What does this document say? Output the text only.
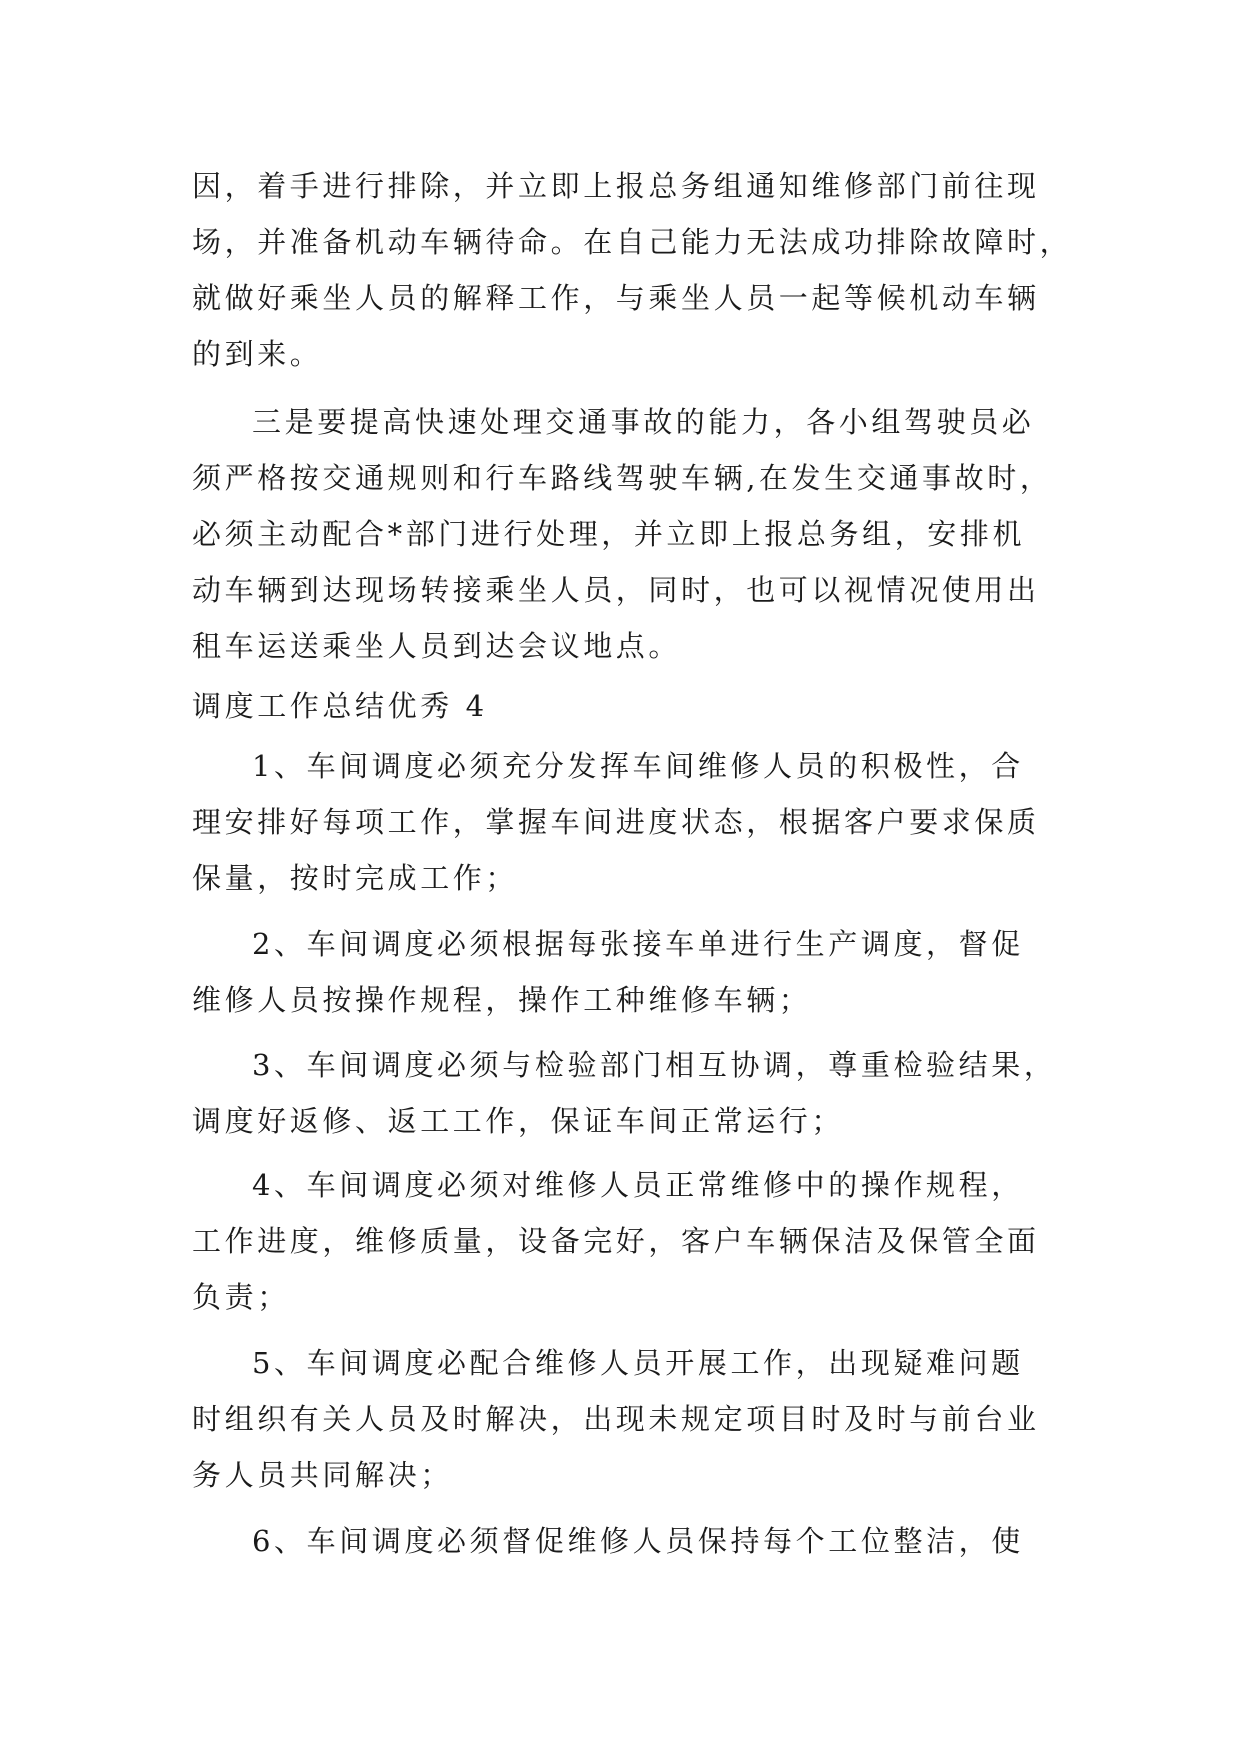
因，着手进行排除，并立即上报总务组通知维修部门前往现

场，并准备机动车辆待命。在自己能力无法成功排除故障时，

就做好乘坐人员的解释工作，与乘坐人员一起等候机动车辆

的到来。

三是要提高快速处理交通事故的能力，各小组驾驶员必

须严格按交通规则和行车路线驾驶车辆,在发生交通事故时，

必须主动配合*部门进行处理，并立即上报总务组，安排机

动车辆到达现场转接乘坐人员，同时，也可以视情况使用出

租车运送乘坐人员到达会议地点。

调度工作总结优秀 4

1、车间调度必须充分发挥车间维修人员的积极性，合

理安排好每项工作，掌握车间进度状态，根据客户要求保质

保量，按时完成工作；

2、车间调度必须根据每张接车单进行生产调度，督促

维修人员按操作规程，操作工种维修车辆；

3、车间调度必须与检验部门相互协调，尊重检验结果，

调度好返修、返工工作，保证车间正常运行；

4、车间调度必须对维修人员正常维修中的操作规程，

工作进度，维修质量，设备完好，客户车辆保洁及保管全面

负责；

5、车间调度必配合维修人员开展工作，出现疑难问题

时组织有关人员及时解决，出现未规定项目时及时与前台业

务人员共同解决；

6、车间调度必须督促维修人员保持每个工位整洁，使
